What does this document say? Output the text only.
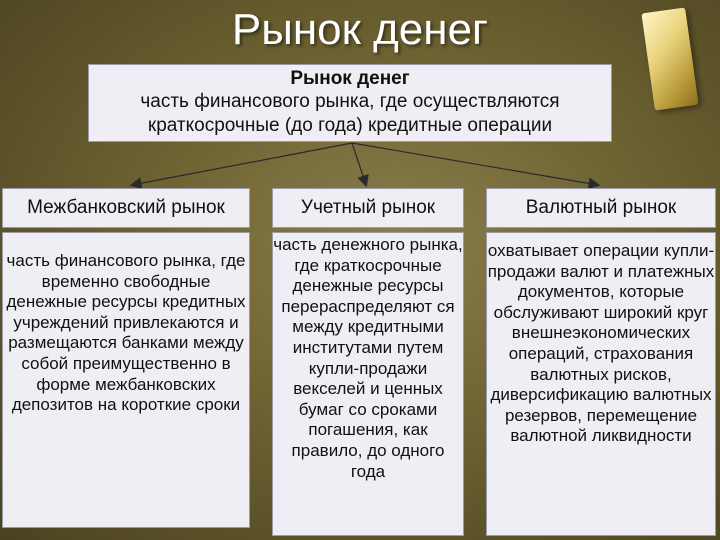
Рынок денег
Рынок денег
часть финансового рынка, где осуществляются краткосрочные (до года) кредитные операции
Межбанковский рынок	Учетный рынок	Валютный рынок
часть финансового рынка, где временно свободные денежные ресурсы кредитных учреждений привлекаются и размещаются банками между собой преимущественно в форме межбанковских депозитов на короткие сроки
часть денежного рынка, где краткосрочные денежные ресурсы перераспределяют ся между кредитными институтами путем купли-продажи векселей и ценных бумаг со сроками погашения, как правило, до одного года
охватывает операции купли-продажи валют и платежных документов, которые обслуживают широкий круг внешнеэкономических операций, страхования валютных рисков, диверсификацию валютных резервов, перемещение валютной ликвидности
